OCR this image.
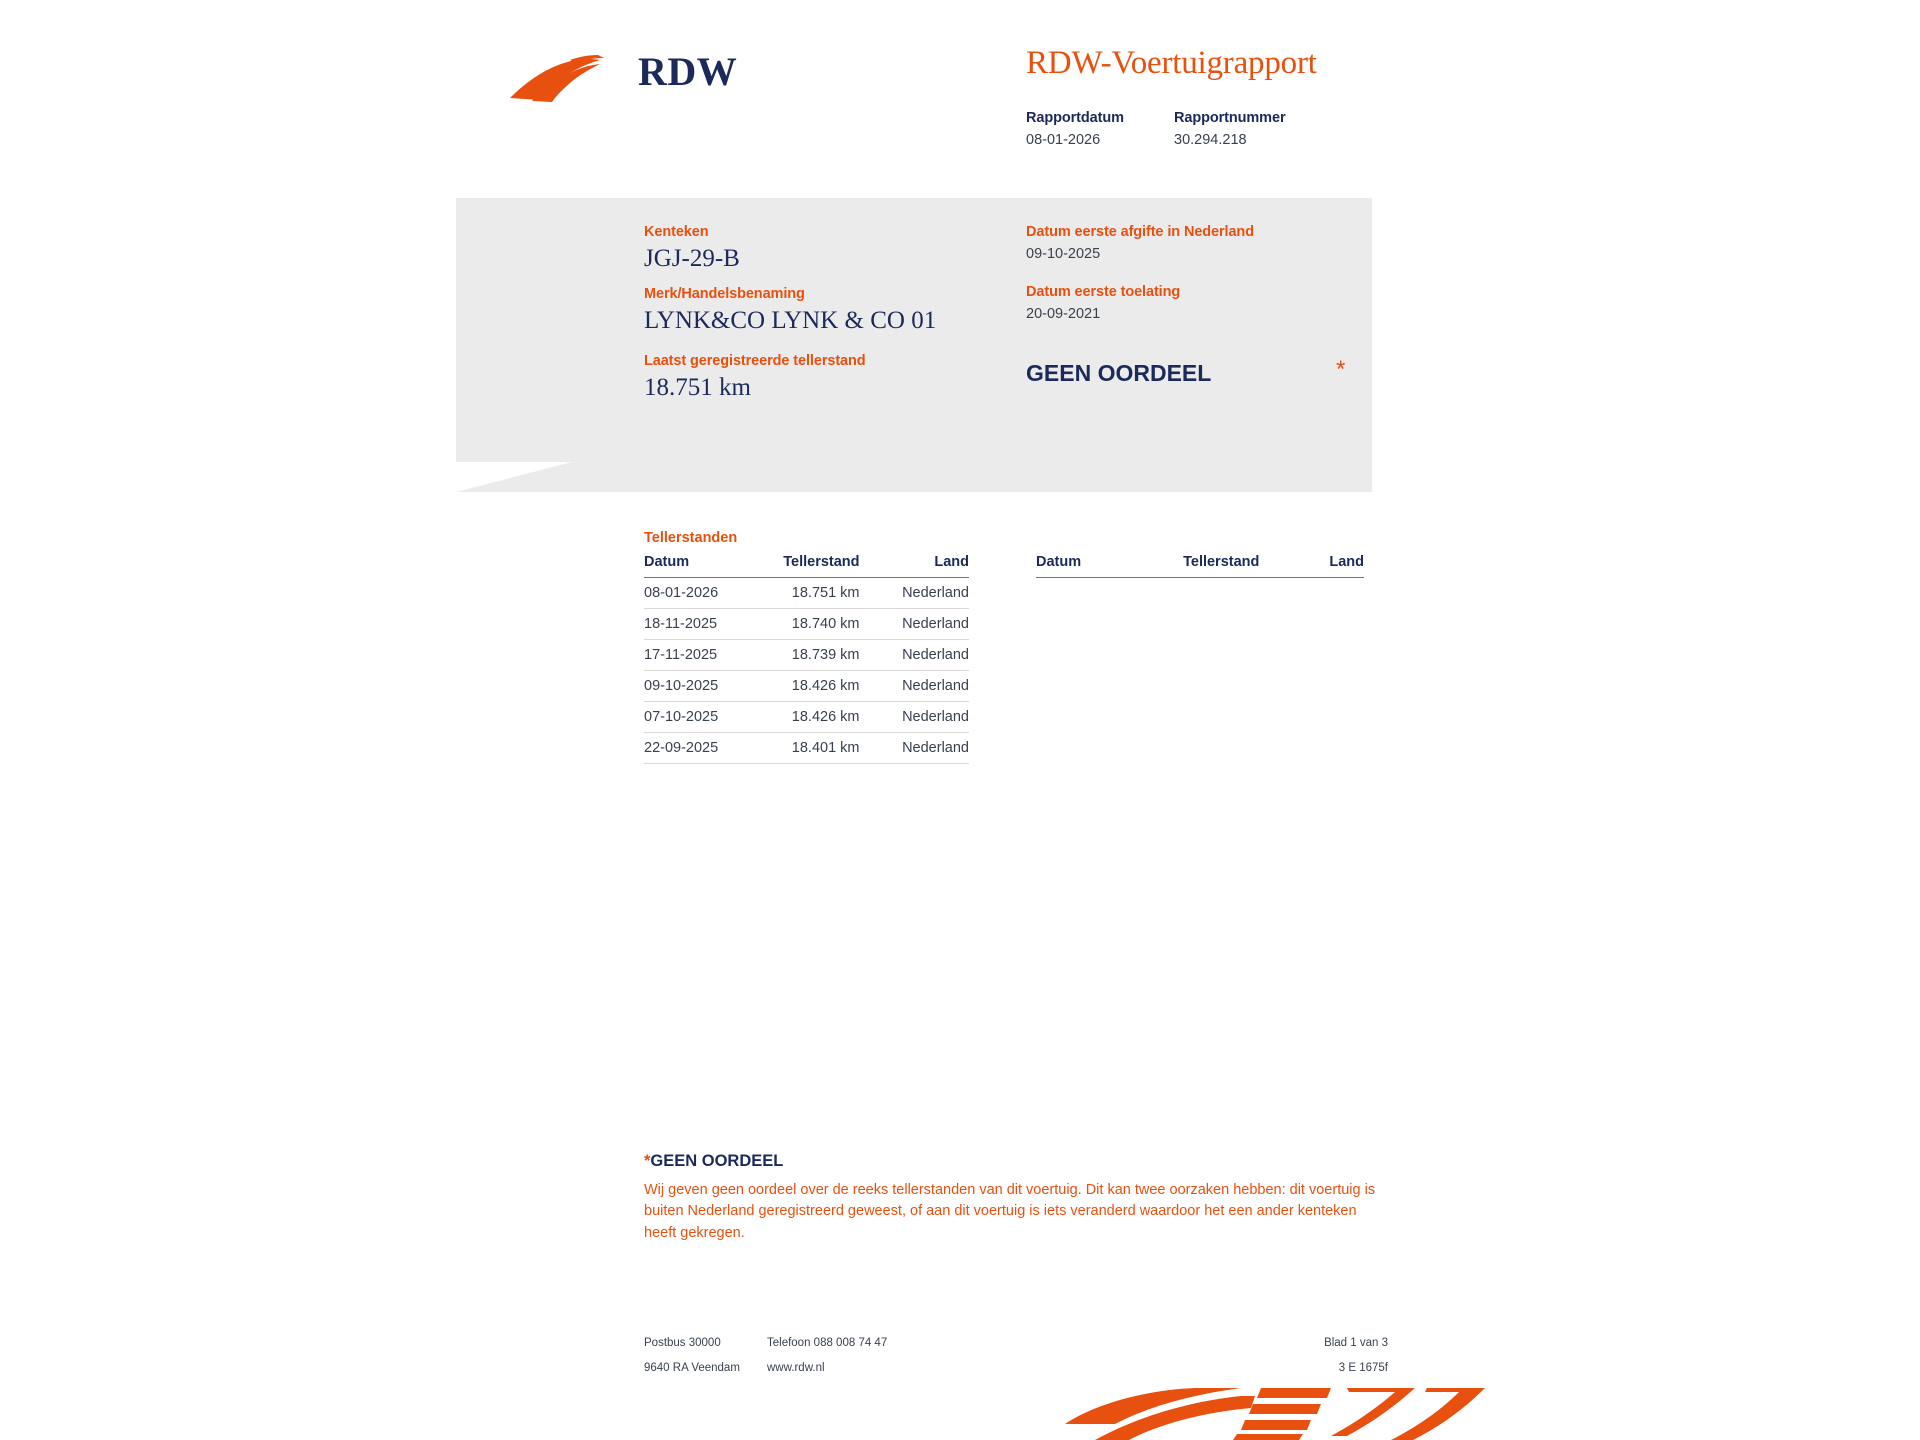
RDW	RDW-Voertuigrapport
Rapportdatum
08-01-2026
Rapportnummer
30.294.218
Kenteken
JGJ-29-B
Merk/Handelsbenaming
LYNK&CO LYNK & CO 01
Laatst geregistreerde tellerstand
18.751 km
Datum eerste afgifte in Nederland
09-10-2025
Datum eerste toelating
20-09-2021
GEEN OORDEEL	*
Tellerstanden
Datum	Tellerstand	Land
08-01-2026	18.751 km	Nederland
18-11-2025	18.740 km	Nederland
17-11-2025	18.739 km	Nederland
09-10-2025	18.426 km	Nederland
07-10-2025	18.426 km	Nederland
22-09-2025	18.401 km	Nederland
Datum	Tellerstand	Land
*GEEN OORDEEL
Wij geven geen oordeel over de reeks tellerstanden van dit voertuig. Dit kan twee oorzaken hebben: dit voertuig is buiten Nederland geregistreerd geweest, of aan dit voertuig is iets veranderd waardoor het een ander kenteken heeft gekregen.
Postbus 30000	Telefoon 088 008 74 47	Blad 1 van 3
9640 RA Veendam	www.rdw.nl	3 E 1675f
